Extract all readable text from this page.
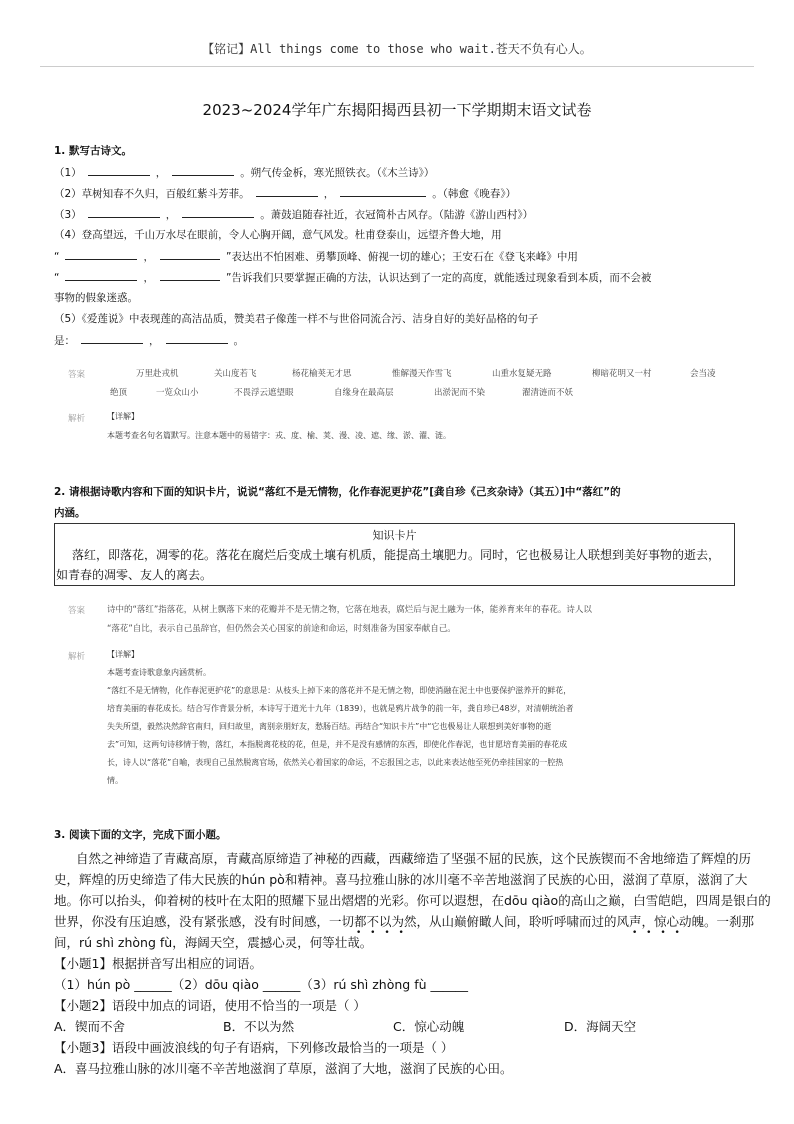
【铭记】All things come to those who wait.苍天不负有心人。
2023~2024学年广东揭阳揭西县初一下学期期末语文试卷
1. 默写古诗文。
（1）	，	。朔气传金柝，寒光照铁衣。（《木兰诗》）
（2）草树知春不久归，百般红紫斗芳菲。	，	。（韩愈《晚春》）
（3）	，	。萧鼓追随春社近，衣冠简朴古风存。（陆游《游山西村》）
（4）登高望远，千山万水尽在眼前，令人心胸开阔，意气风发。杜甫登泰山，远望齐鲁大地，用
“	，	”表达出不怕困难、勇攀顶峰、俯视一切的雄心；王安石在《登飞来峰》中用
“	，	”告诉我们只要掌握正确的方法，认识达到了一定的高度，就能透过现象看到本质，而不会被
事物的假象迷惑。
（5）《爱莲说》中表现莲的高洁品质，赞美君子像莲一样不与世俗同流合污、洁身自好的美好品格的句子
是：	，	。
答案	万里赴戎机	关山度若飞	杨花榆荚无才思	惟解漫天作雪飞	山重水复疑无路	柳暗花明又一村	会当凌
绝顶	一览众山小	不畏浮云遮望眼	自缘身在最高层	出淤泥而不染	濯清涟而不妖
解析	【详解】
本题考查名句名篇默写。注意本题中的易错字：戎、度、榆、荚、漫、凌、遮、缘、淤、濯、涟。
2. 请根据诗歌内容和下面的知识卡片，说说“落红不是无情物，化作春泥更护花”[龚自珍《己亥杂诗》（其五）]中“落红”的
内涵。
知识卡片
落红，即落花，凋零的花。落花在腐烂后变成土壤有机质，能提高土壤肥力。同时，它也极易让人联想到美好事物的逝去，
如青春的凋零、友人的离去。
答案	诗中的“落红”指落花，从树上飘落下来的花瓣并不是无情之物，它落在地表，腐烂后与泥土融为一体，能养育来年的春花。诗人以
“落花”自比，表示自己虽辞官，但仍然会关心国家的前途和命运，时刻准备为国家奉献自己。
解析	【详解】
本题考查诗歌意象内涵赏析。
“落红不是无情物，化作春泥更护花”的意思是：从枝头上掉下来的落花并不是无情之物，即使消融在泥土中也要保护滋养开的鲜花，
培育美丽的春花成长。结合写作背景分析，本诗写于道光十九年（1839），也就是鸦片战争的前一年，龚自珍已48岁，对清朝统治者
失失所望，毅然决然辞官南归，回归故里，离别亲朋好友，愁肠百结。再结合“知识卡片”中“它也极易让人联想到美好事物的逝
去”可知，这两句诗移情于物，落红，本指脱离花枝的花，但是，并不是没有感情的东西，即使化作春泥，也甘愿培育美丽的春花成
长，诗人以“落花”自喻，表现自己虽然脱离官场，依然关心着国家的命运，不忘报国之志，以此来表达他至死仍牵挂国家的一腔热
情。
3. 阅读下面的文字，完成下面小题。
自然之神缔造了青藏高原，青藏高原缔造了神秘的西藏，西藏缔造了坚强不屈的民族，这个民族锲而不舍地缔造了辉煌的历
史，辉煌的历史缔造了伟大民族的hún pò和精神。喜马拉雅山脉的冰川毫不辛苦地滋润了民族的心田，滋润了草原，滋润了大
地。你可以抬头，仰着树的枝叶在太阳的照耀下显出熠熠的光彩。你可以遐想，在dōu qiào的高山之巅，白雪皑皑，四周是银白的
世界，你没有压迫感，没有紧张感，没有时间感，一切都不以为然，从山巅俯瞰人间，聆听呼啸而过的风声，惊心动魄。一刹那
间，rú shì zhòng fù，海阔天空，震撼心灵，何等壮哉。
• • • •	• • • •
【小题1】根据拼音写出相应的词语。
（1）hún pò ______（2）dōu qiào ______（3）rú shì zhòng fù ______
【小题2】语段中加点的词语，使用不恰当的一项是（ ）
A．锲而不舍	B．不以为然	C．惊心动魄	D．海阔天空
【小题3】语段中画波浪线的句子有语病，下列修改最恰当的一项是（ ）
A．喜马拉雅山脉的冰川毫不辛苦地滋润了草原，滋润了大地，滋润了民族的心田。
